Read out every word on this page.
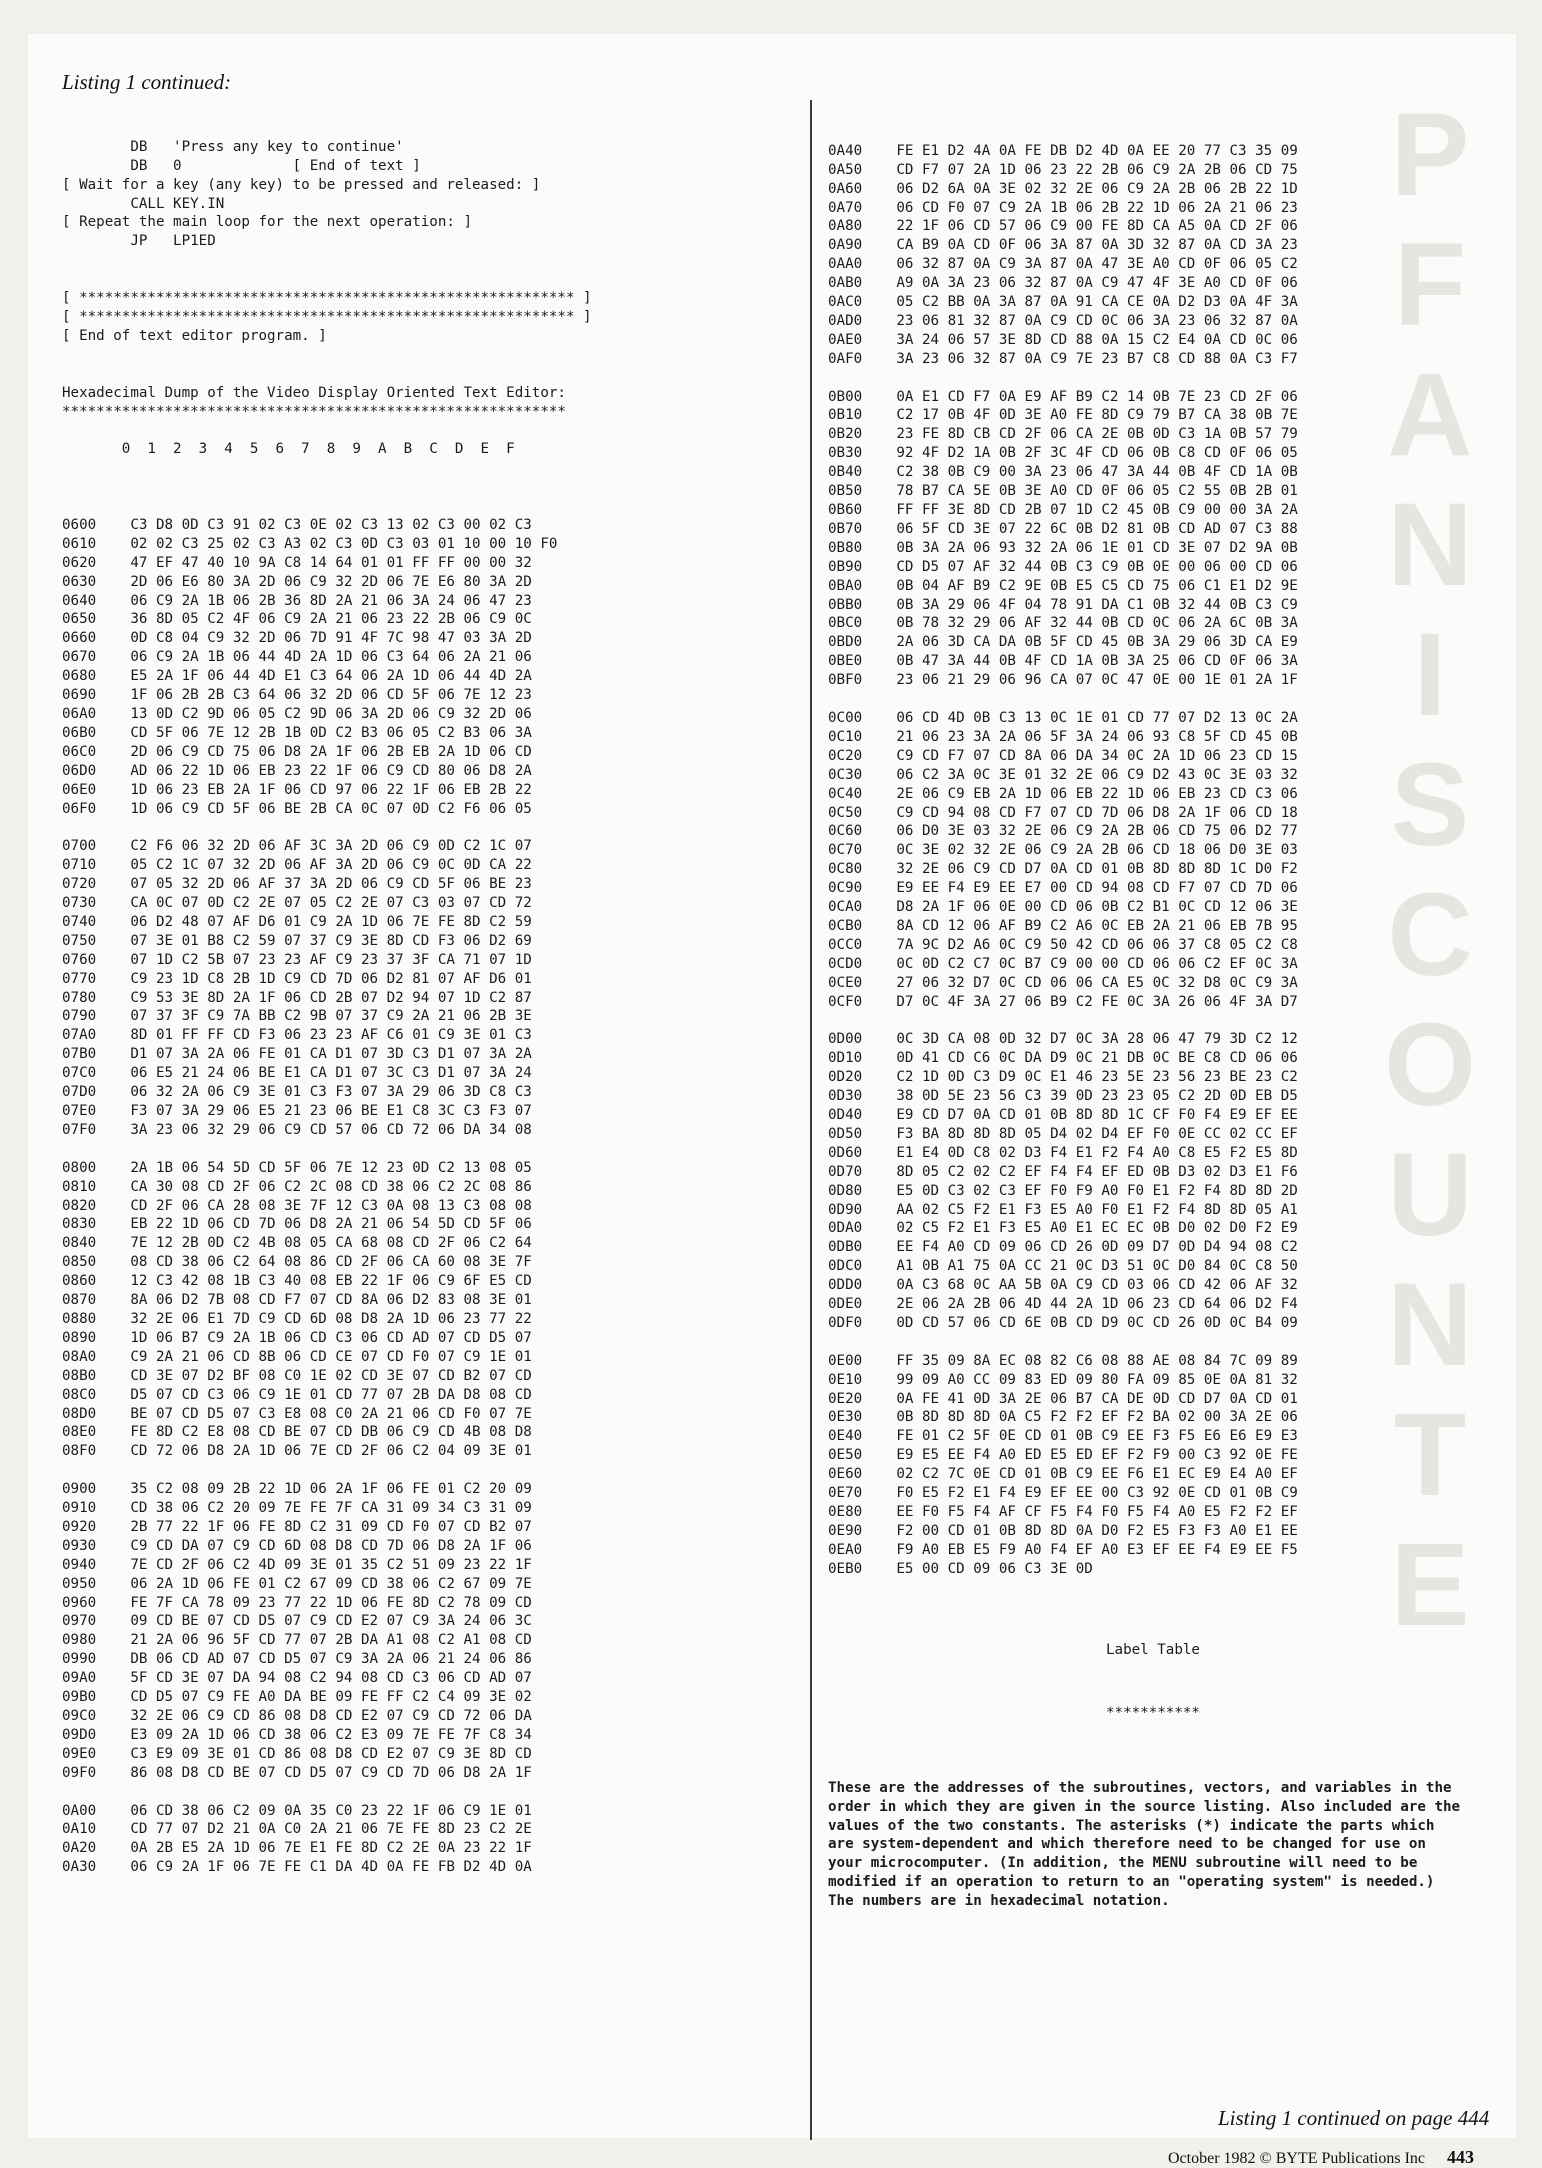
P
F
A
N
I
S
C
O
U
N
T
E
Listing 1 continued:

DB   'Press any key to continue'
DB   0             [ End of text ]
[ Wait for a key (any key) to be pressed and released: ]
CALL KEY.IN
[ Repeat the main loop for the next operation: ]
JP   LP1ED

[ ********************************************************** ]
[ ********************************************************** ]
[ End of text editor program. ]

Hexadecimal Dump of the Video Display Oriented Text Editor:
***********************************************************

0  1  2  3  4  5  6  7  8  9  A  B  C  D  E  F

0600    C3 D8 0D C3 91 02 C3 0E 02 C3 13 02 C3 00 02 C3
0610    02 02 C3 25 02 C3 A3 02 C3 0D C3 03 01 10 00 10 F0
0620    47 EF 47 40 10 9A C8 14 64 01 01 FF FF 00 00 32
0630    2D 06 E6 80 3A 2D 06 C9 32 2D 06 7E E6 80 3A 2D
0640    06 C9 2A 1B 06 2B 36 8D 2A 21 06 3A 24 06 47 23
0650    36 8D 05 C2 4F 06 C9 2A 21 06 23 22 2B 06 C9 0C
0660    0D C8 04 C9 32 2D 06 7D 91 4F 7C 98 47 03 3A 2D
0670    06 C9 2A 1B 06 44 4D 2A 1D 06 C3 64 06 2A 21 06
0680    E5 2A 1F 06 44 4D E1 C3 64 06 2A 1D 06 44 4D 2A
0690    1F 06 2B 2B C3 64 06 32 2D 06 CD 5F 06 7E 12 23
06A0    13 0D C2 9D 06 05 C2 9D 06 3A 2D 06 C9 32 2D 06
06B0    CD 5F 06 7E 12 2B 1B 0D C2 B3 06 05 C2 B3 06 3A
06C0    2D 06 C9 CD 75 06 D8 2A 1F 06 2B EB 2A 1D 06 CD
06D0    AD 06 22 1D 06 EB 23 22 1F 06 C9 CD 80 06 D8 2A
06E0    1D 06 23 EB 2A 1F 06 CD 97 06 22 1F 06 EB 2B 22
06F0    1D 06 C9 CD 5F 06 BE 2B CA 0C 07 0D C2 F6 06 05
0700    C2 F6 06 32 2D 06 AF 3C 3A 2D 06 C9 0D C2 1C 07
0710    05 C2 1C 07 32 2D 06 AF 3A 2D 06 C9 0C 0D CA 22
0720    07 05 32 2D 06 AF 37 3A 2D 06 C9 CD 5F 06 BE 23
0730    CA 0C 07 0D C2 2E 07 05 C2 2E 07 C3 03 07 CD 72
0740    06 D2 48 07 AF D6 01 C9 2A 1D 06 7E FE 8D C2 59
0750    07 3E 01 B8 C2 59 07 37 C9 3E 8D CD F3 06 D2 69
0760    07 1D C2 5B 07 23 23 AF C9 23 37 3F CA 71 07 1D
0770    C9 23 1D C8 2B 1D C9 CD 7D 06 D2 81 07 AF D6 01
0780    C9 53 3E 8D 2A 1F 06 CD 2B 07 D2 94 07 1D C2 87
0790    07 37 3F C9 7A BB C2 9B 07 37 C9 2A 21 06 2B 3E
07A0    8D 01 FF FF CD F3 06 23 23 AF C6 01 C9 3E 01 C3
07B0    D1 07 3A 2A 06 FE 01 CA D1 07 3D C3 D1 07 3A 2A
07C0    06 E5 21 24 06 BE E1 CA D1 07 3C C3 D1 07 3A 24
07D0    06 32 2A 06 C9 3E 01 C3 F3 07 3A 29 06 3D C8 C3
07E0    F3 07 3A 29 06 E5 21 23 06 BE E1 C8 3C C3 F3 07
07F0    3A 23 06 32 29 06 C9 CD 57 06 CD 72 06 DA 34 08
0800    2A 1B 06 54 5D CD 5F 06 7E 12 23 0D C2 13 08 05
0810    CA 30 08 CD 2F 06 C2 2C 08 CD 38 06 C2 2C 08 86
0820    CD 2F 06 CA 28 08 3E 7F 12 C3 0A 08 13 C3 08 08
0830    EB 22 1D 06 CD 7D 06 D8 2A 21 06 54 5D CD 5F 06
0840    7E 12 2B 0D C2 4B 08 05 CA 68 08 CD 2F 06 C2 64
0850    08 CD 38 06 C2 64 08 86 CD 2F 06 CA 60 08 3E 7F
0860    12 C3 42 08 1B C3 40 08 EB 22 1F 06 C9 6F E5 CD
0870    8A 06 D2 7B 08 CD F7 07 CD 8A 06 D2 83 08 3E 01
0880    32 2E 06 E1 7D C9 CD 6D 08 D8 2A 1D 06 23 77 22
0890    1D 06 B7 C9 2A 1B 06 CD C3 06 CD AD 07 CD D5 07
08A0    C9 2A 21 06 CD 8B 06 CD CE 07 CD F0 07 C9 1E 01
08B0    CD 3E 07 D2 BF 08 C0 1E 02 CD 3E 07 CD B2 07 CD
08C0    D5 07 CD C3 06 C9 1E 01 CD 77 07 2B DA D8 08 CD
08D0    BE 07 CD D5 07 C3 E8 08 C0 2A 21 06 CD F0 07 7E
08E0    FE 8D C2 E8 08 CD BE 07 CD DB 06 C9 CD 4B 08 D8
08F0    CD 72 06 D8 2A 1D 06 7E CD 2F 06 C2 04 09 3E 01
0900    35 C2 08 09 2B 22 1D 06 2A 1F 06 FE 01 C2 20 09
0910    CD 38 06 C2 20 09 7E FE 7F CA 31 09 34 C3 31 09
0920    2B 77 22 1F 06 FE 8D C2 31 09 CD F0 07 CD B2 07
0930    C9 CD DA 07 C9 CD 6D 08 D8 CD 7D 06 D8 2A 1F 06
0940    7E CD 2F 06 C2 4D 09 3E 01 35 C2 51 09 23 22 1F
0950    06 2A 1D 06 FE 01 C2 67 09 CD 38 06 C2 67 09 7E
0960    FE 7F CA 78 09 23 77 22 1D 06 FE 8D C2 78 09 CD
0970    09 CD BE 07 CD D5 07 C9 CD E2 07 C9 3A 24 06 3C
0980    21 2A 06 96 5F CD 77 07 2B DA A1 08 C2 A1 08 CD
0990    DB 06 CD AD 07 CD D5 07 C9 3A 2A 06 21 24 06 86
09A0    5F CD 3E 07 DA 94 08 C2 94 08 CD C3 06 CD AD 07
09B0    CD D5 07 C9 FE A0 DA BE 09 FE FF C2 C4 09 3E 02
09C0    32 2E 06 C9 CD 86 08 D8 CD E2 07 C9 CD 72 06 DA
09D0    E3 09 2A 1D 06 CD 38 06 C2 E3 09 7E FE 7F C8 34
09E0    C3 E9 09 3E 01 CD 86 08 D8 CD E2 07 C9 3E 8D CD
09F0    86 08 D8 CD BE 07 CD D5 07 C9 CD 7D 06 D8 2A 1F
0A00    06 CD 38 06 C2 09 0A 35 C0 23 22 1F 06 C9 1E 01
0A10    CD 77 07 D2 21 0A C0 2A 21 06 7E FE 8D 23 C2 2E
0A20    0A 2B E5 2A 1D 06 7E E1 FE 8D C2 2E 0A 23 22 1F
0A30    06 C9 2A 1F 06 7E FE C1 DA 4D 0A FE FB D2 4D 0A

0A40    FE E1 D2 4A 0A FE DB D2 4D 0A EE 20 77 C3 35 09
0A50    CD F7 07 2A 1D 06 23 22 2B 06 C9 2A 2B 06 CD 75
0A60    06 D2 6A 0A 3E 02 32 2E 06 C9 2A 2B 06 2B 22 1D
0A70    06 CD F0 07 C9 2A 1B 06 2B 22 1D 06 2A 21 06 23
0A80    22 1F 06 CD 57 06 C9 00 FE 8D CA A5 0A CD 2F 06
0A90    CA B9 0A CD 0F 06 3A 87 0A 3D 32 87 0A CD 3A 23
0AA0    06 32 87 0A C9 3A 87 0A 47 3E A0 CD 0F 06 05 C2
0AB0    A9 0A 3A 23 06 32 87 0A C9 47 4F 3E A0 CD 0F 06
0AC0    05 C2 BB 0A 3A 87 0A 91 CA CE 0A D2 D3 0A 4F 3A
0AD0    23 06 81 32 87 0A C9 CD 0C 06 3A 23 06 32 87 0A
0AE0    3A 24 06 57 3E 8D CD 88 0A 15 C2 E4 0A CD 0C 06
0AF0    3A 23 06 32 87 0A C9 7E 23 B7 C8 CD 88 0A C3 F7
0B00    0A E1 CD F7 0A E9 AF B9 C2 14 0B 7E 23 CD 2F 06
0B10    C2 17 0B 4F 0D 3E A0 FE 8D C9 79 B7 CA 38 0B 7E
0B20    23 FE 8D CB CD 2F 06 CA 2E 0B 0D C3 1A 0B 57 79
0B30    92 4F D2 1A 0B 2F 3C 4F CD 06 0B C8 CD 0F 06 05
0B40    C2 38 0B C9 00 3A 23 06 47 3A 44 0B 4F CD 1A 0B
0B50    78 B7 CA 5E 0B 3E A0 CD 0F 06 05 C2 55 0B 2B 01
0B60    FF FF 3E 8D CD 2B 07 1D C2 45 0B C9 00 00 3A 2A
0B70    06 5F CD 3E 07 22 6C 0B D2 81 0B CD AD 07 C3 88
0B80    0B 3A 2A 06 93 32 2A 06 1E 01 CD 3E 07 D2 9A 0B
0B90    CD D5 07 AF 32 44 0B C3 C9 0B 0E 00 06 00 CD 06
0BA0    0B 04 AF B9 C2 9E 0B E5 C5 CD 75 06 C1 E1 D2 9E
0BB0    0B 3A 29 06 4F 04 78 91 DA C1 0B 32 44 0B C3 C9
0BC0    0B 78 32 29 06 AF 32 44 0B CD 0C 06 2A 6C 0B 3A
0BD0    2A 06 3D CA DA 0B 5F CD 45 0B 3A 29 06 3D CA E9
0BE0    0B 47 3A 44 0B 4F CD 1A 0B 3A 25 06 CD 0F 06 3A
0BF0    23 06 21 29 06 96 CA 07 0C 47 0E 00 1E 01 2A 1F
0C00    06 CD 4D 0B C3 13 0C 1E 01 CD 77 07 D2 13 0C 2A
0C10    21 06 23 3A 2A 06 5F 3A 24 06 93 C8 5F CD 45 0B
0C20    C9 CD F7 07 CD 8A 06 DA 34 0C 2A 1D 06 23 CD 15
0C30    06 C2 3A 0C 3E 01 32 2E 06 C9 D2 43 0C 3E 03 32
0C40    2E 06 C9 EB 2A 1D 06 EB 22 1D 06 EB 23 CD C3 06
0C50    C9 CD 94 08 CD F7 07 CD 7D 06 D8 2A 1F 06 CD 18
0C60    06 D0 3E 03 32 2E 06 C9 2A 2B 06 CD 75 06 D2 77
0C70    0C 3E 02 32 2E 06 C9 2A 2B 06 CD 18 06 D0 3E 03
0C80    32 2E 06 C9 CD D7 0A CD 01 0B 8D 8D 8D 1C D0 F2
0C90    E9 EE F4 E9 EE E7 00 CD 94 08 CD F7 07 CD 7D 06
0CA0    D8 2A 1F 06 0E 00 CD 06 0B C2 B1 0C CD 12 06 3E
0CB0    8A CD 12 06 AF B9 C2 A6 0C EB 2A 21 06 EB 7B 95
0CC0    7A 9C D2 A6 0C C9 50 42 CD 06 06 37 C8 05 C2 C8
0CD0    0C 0D C2 C7 0C B7 C9 00 00 CD 06 06 C2 EF 0C 3A
0CE0    27 06 32 D7 0C CD 06 06 CA E5 0C 32 D8 0C C9 3A
0CF0    D7 0C 4F 3A 27 06 B9 C2 FE 0C 3A 26 06 4F 3A D7
0D00    0C 3D CA 08 0D 32 D7 0C 3A 28 06 47 79 3D C2 12
0D10    0D 41 CD C6 0C DA D9 0C 21 DB 0C BE C8 CD 06 06
0D20    C2 1D 0D C3 D9 0C E1 46 23 5E 23 56 23 BE 23 C2
0D30    38 0D 5E 23 56 C3 39 0D 23 23 05 C2 2D 0D EB D5
0D40    E9 CD D7 0A CD 01 0B 8D 8D 1C CF F0 F4 E9 EF EE
0D50    F3 BA 8D 8D 8D 05 D4 02 D4 EF F0 0E CC 02 CC EF
0D60    E1 E4 0D C8 02 D3 F4 E1 F2 F4 A0 C8 E5 F2 E5 8D
0D70    8D 05 C2 02 C2 EF F4 F4 EF ED 0B D3 02 D3 E1 F6
0D80    E5 0D C3 02 C3 EF F0 F9 A0 F0 E1 F2 F4 8D 8D 2D
0D90    AA 02 C5 F2 E1 F3 E5 A0 F0 E1 F2 F4 8D 8D 05 A1
0DA0    02 C5 F2 E1 F3 E5 A0 E1 EC EC 0B D0 02 D0 F2 E9
0DB0    EE F4 A0 CD 09 06 CD 26 0D 09 D7 0D D4 94 08 C2
0DC0    A1 0B A1 75 0A CC 21 0C D3 51 0C D0 84 0C C8 50
0DD0    0A C3 68 0C AA 5B 0A C9 CD 03 06 CD 42 06 AF 32
0DE0    2E 06 2A 2B 06 4D 44 2A 1D 06 23 CD 64 06 D2 F4
0DF0    0D CD 57 06 CD 6E 0B CD D9 0C CD 26 0D 0C B4 09
0E00    FF 35 09 8A EC 08 82 C6 08 88 AE 08 84 7C 09 89
0E10    99 09 A0 CC 09 83 ED 09 80 FA 09 85 0E 0A 81 32
0E20    0A FE 41 0D 3A 2E 06 B7 CA DE 0D CD D7 0A CD 01
0E30    0B 8D 8D 8D 0A C5 F2 F2 EF F2 BA 02 00 3A 2E 06
0E40    FE 01 C2 5F 0E CD 01 0B C9 EE F3 F5 E6 E6 E9 E3
0E50    E9 E5 EE F4 A0 ED E5 ED EF F2 F9 00 C3 92 0E FE
0E60    02 C2 7C 0E CD 01 0B C9 EE F6 E1 EC E9 E4 A0 EF
0E70    F0 E5 F2 E1 F4 E9 EF EE 00 C3 92 0E CD 01 0B C9
0E80    EE F0 F5 F4 AF CF F5 F4 F0 F5 F4 A0 E5 F2 F2 EF
0E90    F2 00 CD 01 0B 8D 8D 0A D0 F2 E5 F3 F3 A0 E1 EE
0EA0    F9 A0 EB E5 F9 A0 F4 EF A0 E3 EF EE F4 E9 EE F5
0EB0    E5 00 CD 09 06 C3 3E 0D

Label Table

***********

These are the addresses of the subroutines, vectors, and variables in the order in which they are given in the source listing. Also included are the values of the two constants. The asterisks (*) indicate the parts which are system-dependent and which therefore need to be changed for use on your microcomputer. (In addition, the MENU subroutine will need to be modified if an operation to return to an "operating system" is needed.) The numbers are in hexadecimal notation.

Listing 1 continued on page 444
October 1982 © BYTE Publications Inc 443
